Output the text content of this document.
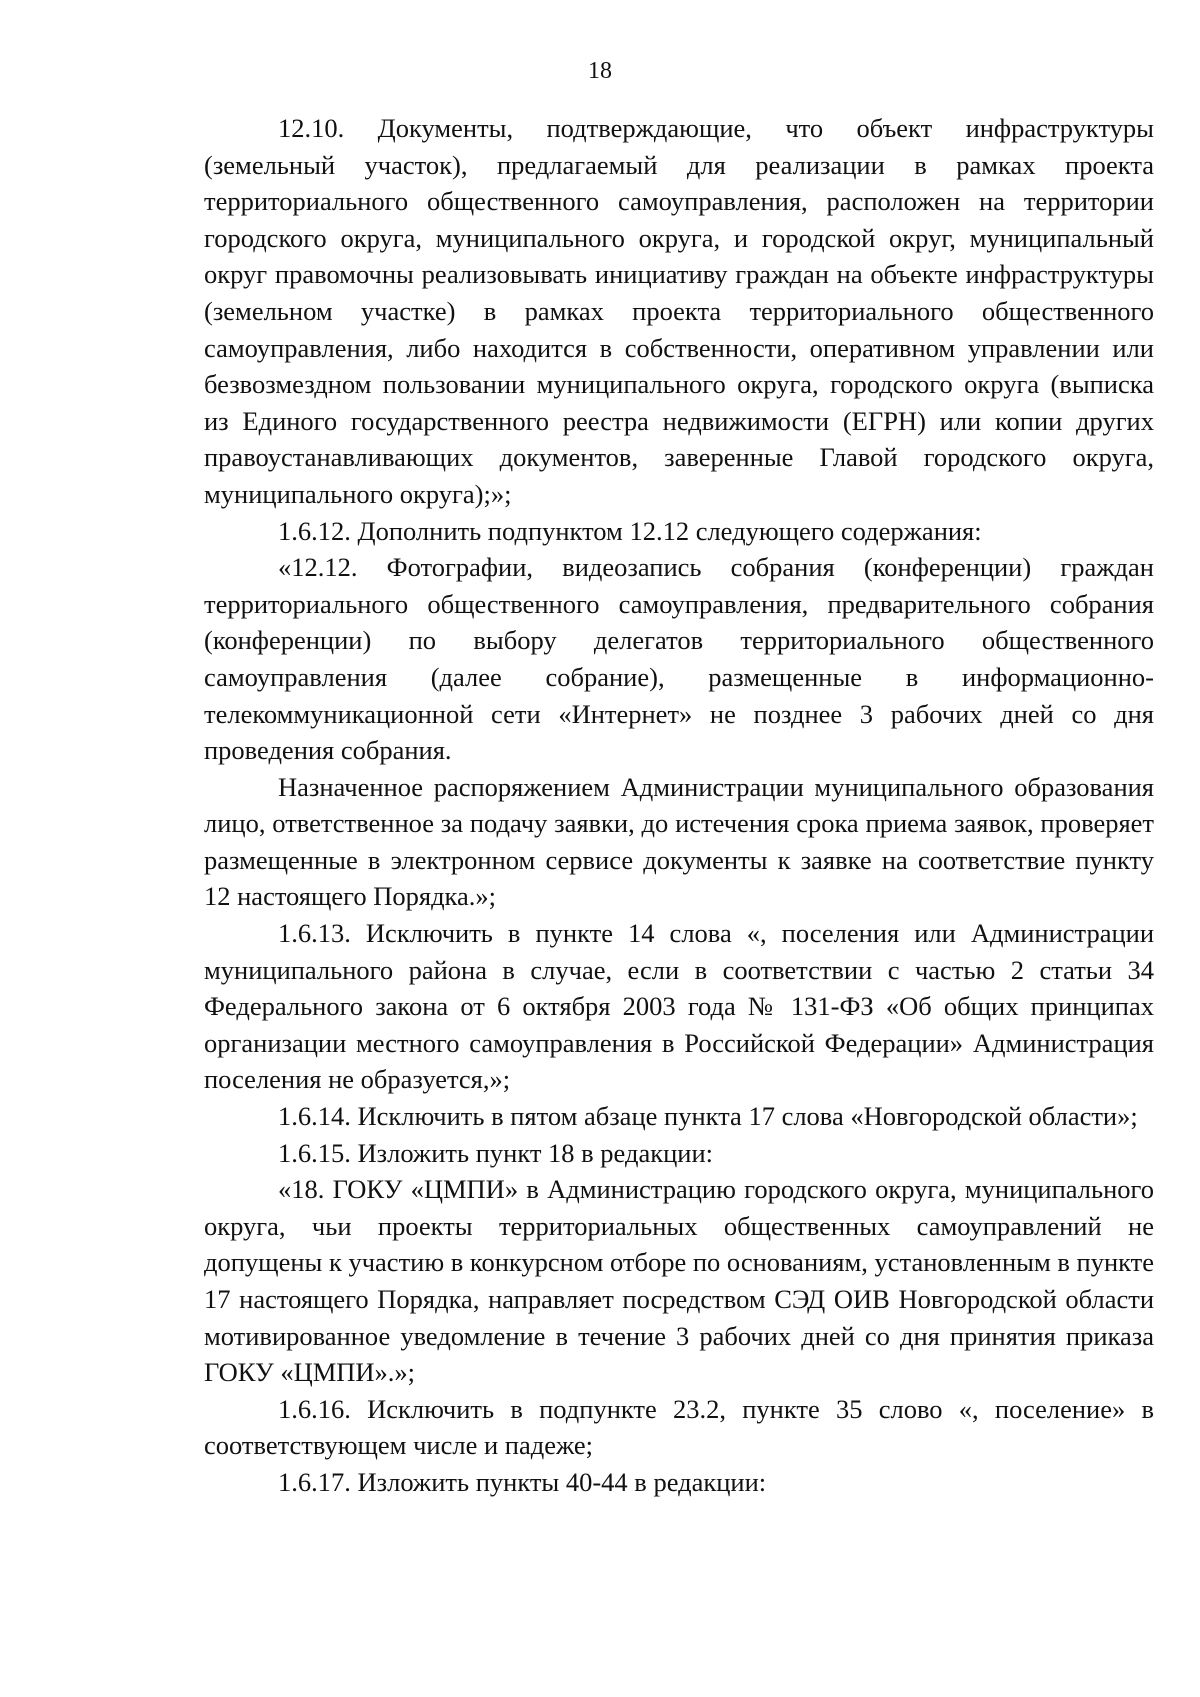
18

12.10. Документы, подтверждающие, что объект инфраструктуры (земельный участок), предлагаемый для реализации в рамках проекта территориального общественного самоуправления, расположен на территории городского округа, муниципального округа, и городской округ, муниципальный округ правомочны реализовывать инициативу граждан на объекте инфраструктуры (земельном участке) в рамках проекта территориального общественного самоуправления, либо находится в собственности, оперативном управлении или безвозмездном пользовании муниципального округа, городского округа (выписка из Единого государственного реестра недвижимости (ЕГРН) или копии других правоустанавливающих документов, заверенные Главой городского округа, муниципального округа);»;

1.6.12. Дополнить подпунктом 12.12 следующего содержания:

«12.12. Фотографии, видеозапись собрания (конференции) граждан территориального общественного самоуправления, предварительного собрания (конференции) по выбору делегатов территориального общественного самоуправления (далее собрание), размещенные в информационно-телекоммуникационной сети «Интернет» не позднее 3 рабочих дней со дня проведения собрания.

Назначенное распоряжением Администрации муниципального образования лицо, ответственное за подачу заявки, до истечения срока приема заявок, проверяет размещенные в электронном сервисе документы к заявке на соответствие пункту 12 настоящего Порядка.»;

1.6.13. Исключить в пункте 14 слова «, поселения или Администрации муниципального района в случае, если в соответствии с частью 2 статьи 34 Федерального закона от 6 октября 2003 года № 131-ФЗ «Об общих принципах организации местного самоуправления в Российской Федерации» Администрация поселения не образуется,»;

1.6.14. Исключить в пятом абзаце пункта 17 слова «Новгородской области»;

1.6.15. Изложить пункт 18 в редакции:

«18. ГОКУ «ЦМПИ» в Администрацию городского округа, муниципального округа, чьи проекты территориальных общественных самоуправлений не допущены к участию в конкурсном отборе по основаниям, установленным в пункте 17 настоящего Порядка, направляет посредством СЭД ОИВ Новгородской области мотивированное уведомление в течение 3 рабочих дней со дня принятия приказа ГОКУ «ЦМПИ».»;

1.6.16. Исключить в подпункте 23.2, пункте 35 слово «, поселение» в соответствующем числе и падеже;

1.6.17. Изложить пункты 40-44 в редакции:
